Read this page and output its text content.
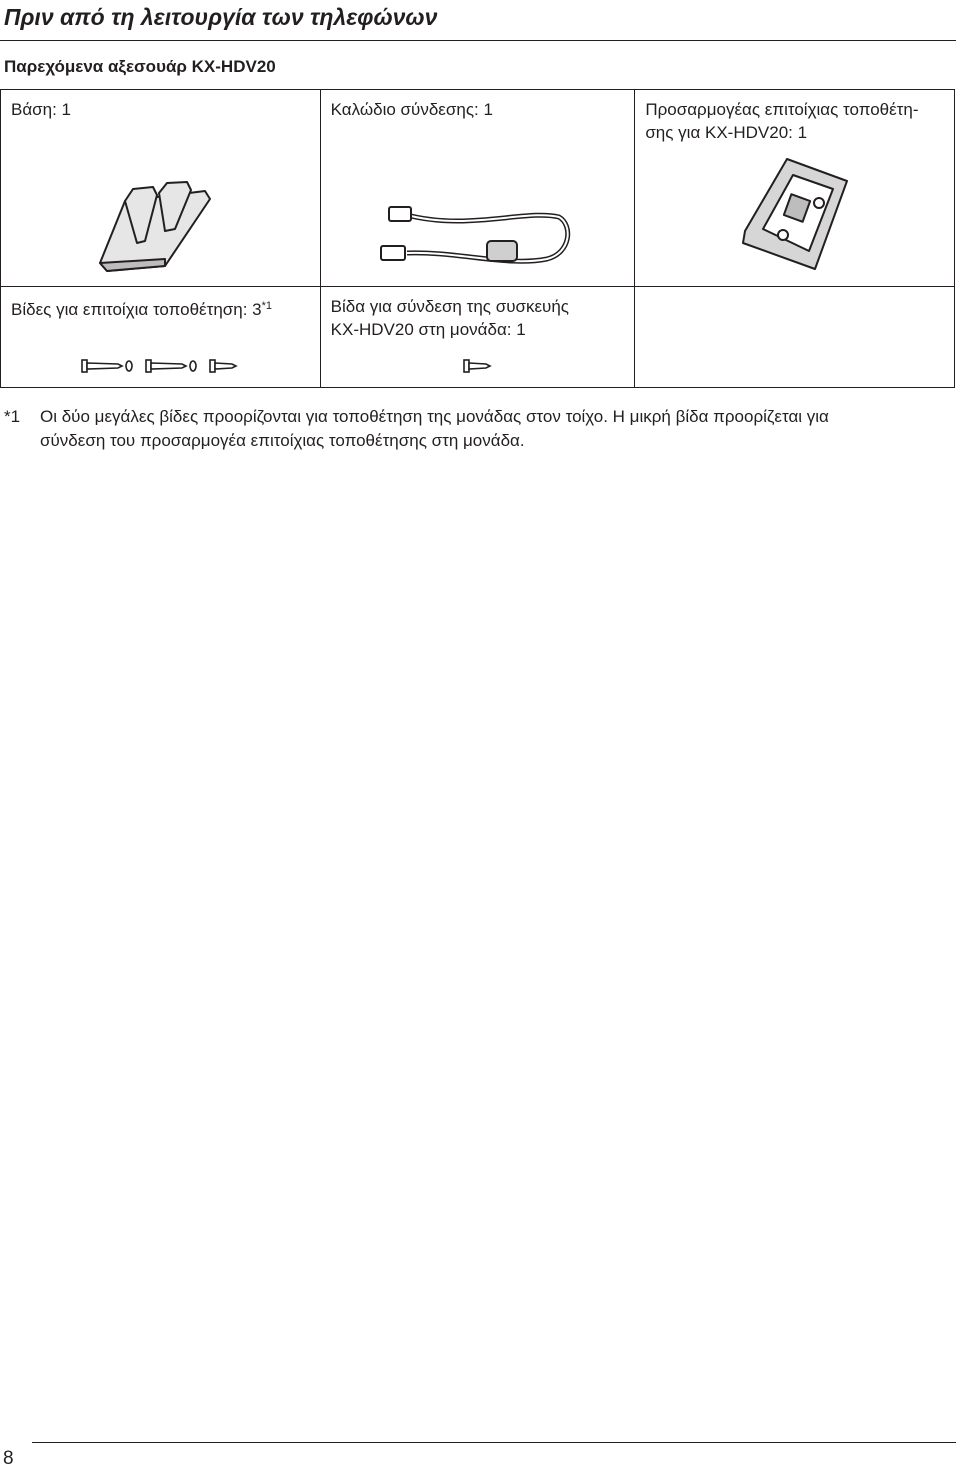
Πριν από τη λειτουργία των τηλεφώνων
Παρεχόμενα αξεσουάρ KX-HDV20
Βάση: 1	Καλώδιο σύνδεσης: 1	Προσαρμογέας επιτοίχιας τοποθέτη-
σης για KX-HDV20: 1

Βίδες για επιτοίχια τοποθέτηση: 3$^{*1}$	Βίδα για σύνδεση της συσκευής
KX-HDV20 στη μονάδα: 1	

*1 Οι δύο μεγάλες βίδες προορίζονται για τοποθέτηση της μονάδας στον τοίχο. Η μικρή βίδα προορίζεται για
σύνδεση του προσαρμογέα επιτοίχιας τοποθέτησης στη μονάδα.
8
